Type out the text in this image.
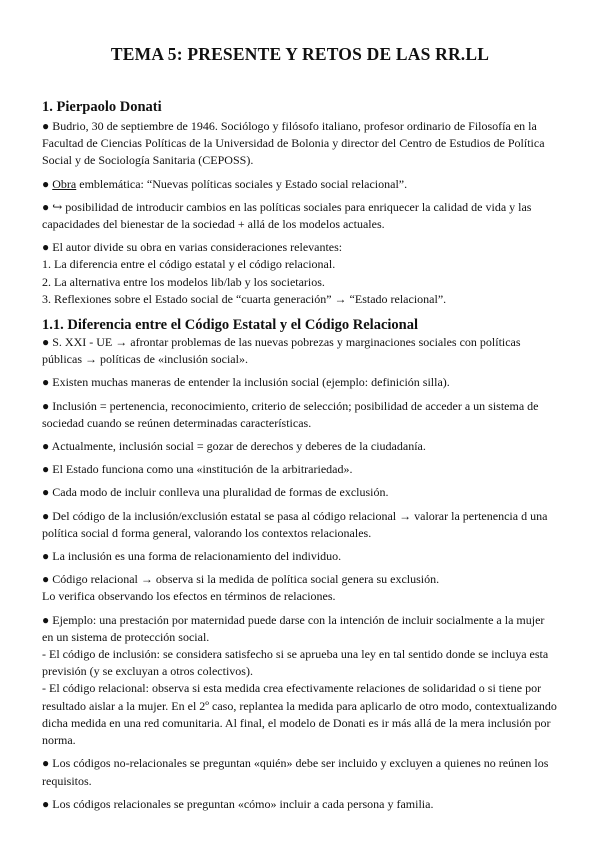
TEMA 5: PRESENTE Y RETOS DE LAS RR.LL
1. Pierpaolo Donati

● Budrio, 30 de septiembre de 1946. Sociólogo y filósofo italiano, profesor ordinario de Filosofía en la Facultad de Ciencias Políticas de la Universidad de Bolonia y director del Centro de Estudios de Política Social y de Sociología Sanitaria (CEPOSS).

● Obra emblemática: “Nuevas políticas sociales y Estado social relacional”.

● ↪ posibilidad de introducir cambios en las políticas sociales para enriquecer la calidad de vida y las capacidades del bienestar de la sociedad + allá de los modelos actuales.

● El autor divide su obra en varias consideraciones relevantes:

1. La diferencia entre el código estatal y el código relacional.

2. La alternativa entre los modelos lib/lab y los societarios.

3. Reflexiones sobre el Estado social de “cuarta generación” → “Estado relacional”.

1.1. Diferencia entre el Código Estatal y el Código Relacional

● S. XXI - UE → afrontar problemas de las nuevas pobrezas y marginaciones sociales con políticas públicas → políticas de «inclusión social».

● Existen muchas maneras de entender la inclusión social (ejemplo: definición silla).

● Inclusión = pertenencia, reconocimiento, criterio de selección; posibilidad de acceder a un sistema de sociedad cuando se reúnen determinadas características.

● Actualmente, inclusión social = gozar de derechos y deberes de la ciudadanía.

● El Estado funciona como una «institución de la arbitrariedad».

● Cada modo de incluir conlleva una pluralidad de formas de exclusión.

● Del código de la inclusión/exclusión estatal se pasa al código relacional → valorar la pertenencia d una política social d forma general, valorando los contextos relacionales.

● La inclusión es una forma de relacionamiento del individuo.

● Código relacional → observa si la medida de política social genera su exclusión.

Lo verifica observando los efectos en términos de relaciones.

● Ejemplo: una prestación por maternidad puede darse con la intención de incluir socialmente a la mujer en un sistema de protección social.

- El código de inclusión: se considera satisfecho si se aprueba una ley en tal sentido donde se incluya esta previsión (y se excluyan a otros colectivos).

- El código relacional: observa si esta medida crea efectivamente relaciones de solidaridad o si tiene por resultado aislar a la mujer. En el 2º caso, replantea la medida para aplicarlo de otro modo, contextualizando dicha medida en una red comunitaria. Al final, el modelo de Donati es ir más allá de la mera inclusión por norma.

● Los códigos no-relacionales se preguntan «quién» debe ser incluido y excluyen a quienes no reúnen los requisitos.

● Los códigos relacionales se preguntan «cómo» incluir a cada persona y familia.
